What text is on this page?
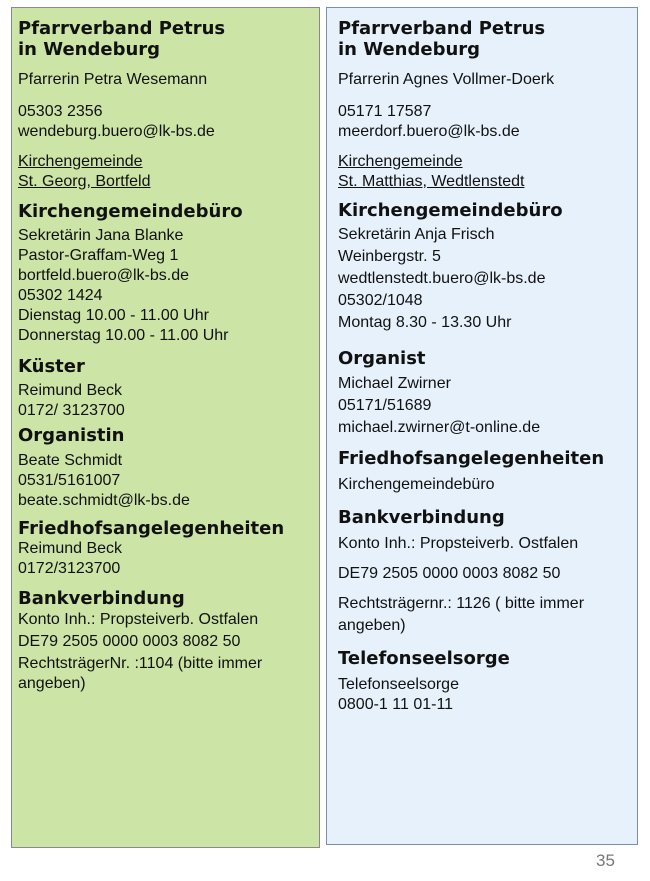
Pfarrverband Petrus

in Wendeburg

Pfarrerin Petra Wesemann

05303 2356

wendeburg.buero@lk-bs.de

Kirchengemeinde

St. Georg, Bortfeld

Kirchengemeindebüro

Sekretärin Jana Blanke

Pastor-Graffam-Weg 1

bortfeld.buero@lk-bs.de

05302 1424

Dienstag 10.00 - 11.00 Uhr

Donnerstag 10.00 - 11.00 Uhr

Küster

Reimund Beck

0172/ 3123700

Organistin

Beate Schmidt

0531/5161007

beate.schmidt@lk-bs.de

Friedhofsangelegenheiten

Reimund Beck

0172/3123700

Bankverbindung

Konto Inh.: Propsteiverb. Ostfalen

DE79 2505 0000 0003 8082 50

RechtsträgerNr. :1104 (bitte immer

angeben)

Pfarrverband Petrus

in Wendeburg

Pfarrerin Agnes Vollmer-Doerk

05171 17587

meerdorf.buero@lk-bs.de

Kirchengemeinde

St. Matthias, Wedtlenstedt

Kirchengemeindebüro

Sekretärin Anja Frisch

Weinbergstr. 5

wedtlenstedt.buero@lk-bs.de

05302/1048

Montag 8.30 - 13.30 Uhr

Organist

Michael Zwirner

05171/51689

michael.zwirner@t-online.de

Friedhofsangelegenheiten

Kirchengemeindebüro

Bankverbindung

Konto Inh.: Propsteiverb. Ostfalen

DE79 2505 0000 0003 8082 50

Rechtsträgernr.: 1126 ( bitte immer

angeben)

Telefonseelsorge

Telefonseelsorge

0800-1 11 01-11

35
